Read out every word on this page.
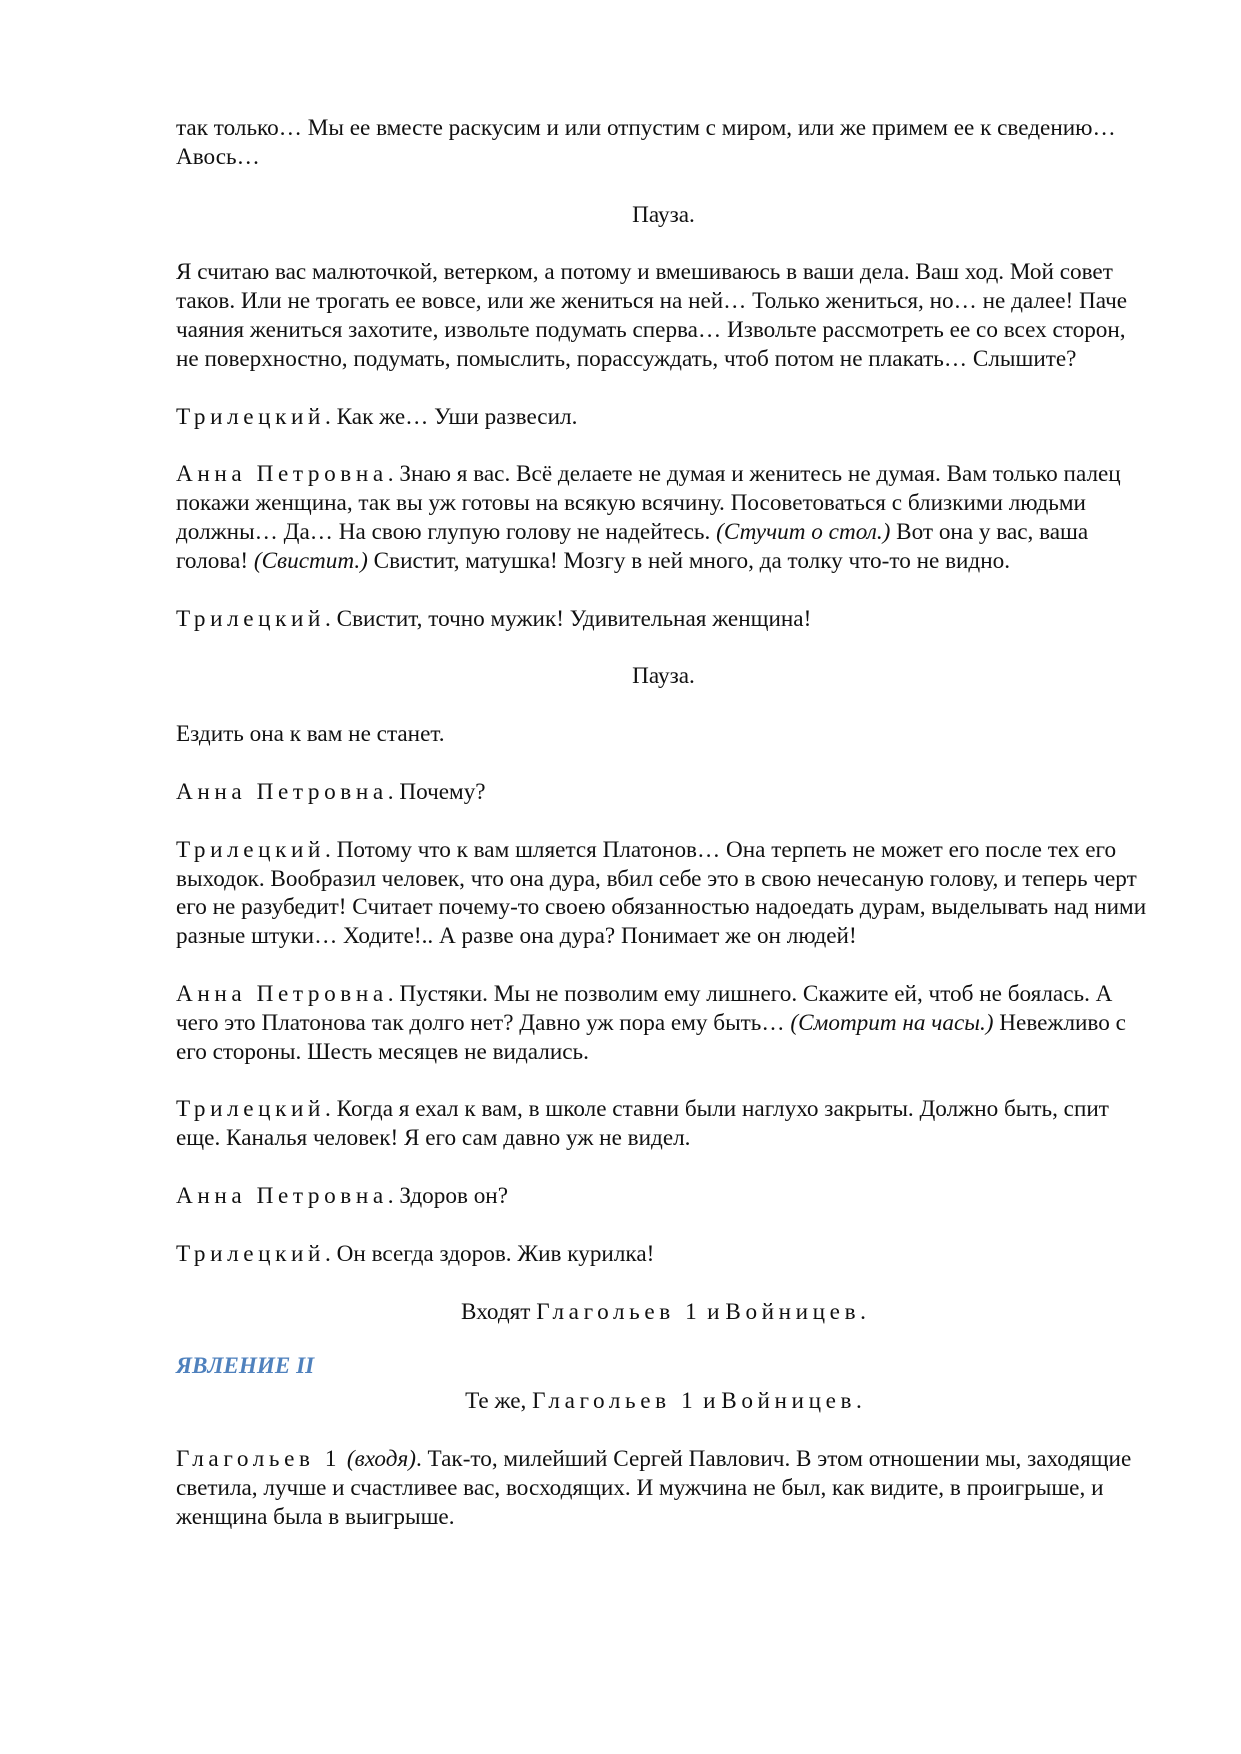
так только… Мы ее вместе раскусим и или отпустим с миром, или же примем ее к сведению… Авось…

Пауза.

Я считаю вас малюточкой, ветерком, а потому и вмешиваюсь в ваши дела. Ваш ход. Мой совет таков. Или не трогать ее вовсе, или же жениться на ней… Только жениться, но… не далее! Паче чаяния жениться захотите, извольте подумать сперва… Извольте рассмотреть ее со всех сторон, не поверхностно, подумать, помыслить, порассуждать, чтоб потом не плакать… Слышите?

Трилецкий. Как же… Уши развесил.

Анна Петровна. Знаю я вас. Всё делаете не думая и женитесь не думая. Вам только палец покажи женщина, так вы уж готовы на всякую всячину. Посоветоваться с близкими людьми должны… Да… На свою глупую голову не надейтесь. (Стучит о стол.) Вот она у вас, ваша голова! (Свистит.) Свистит, матушка! Мозгу в ней много, да толку что-то не видно.

Трилецкий. Свистит, точно мужик! Удивительная женщина!

Пауза.

Ездить она к вам не станет.

Анна Петровна. Почему?

Трилецкий. Потому что к вам шляется Платонов… Она терпеть не может его после тех его выходок. Вообразил человек, что она дура, вбил себе это в свою нечесаную голову, и теперь черт его не разубедит! Считает почему-то своею обязанностью надоедать дурам, выделывать над ними разные штуки… Ходите!.. А разве она дура? Понимает же он людей!

Анна Петровна. Пустяки. Мы не позволим ему лишнего. Скажите ей, чтоб не боялась. А чего это Платонова так долго нет? Давно уж пора ему быть… (Смотрит на часы.) Невежливо с его стороны. Шесть месяцев не видались.

Трилецкий. Когда я ехал к вам, в школе ставни были наглухо закрыты. Должно быть, спит еще. Каналья человек! Я его сам давно уж не видел.

Анна Петровна. Здоров он?

Трилецкий. Он всегда здоров. Жив курилка!

Входят Глагольев 1 и Войницев.

ЯВЛЕНИЕ II

Те же, Глагольев 1 и Войницев.

Глагольев 1 (входя). Так-то, милейший Сергей Павлович. В этом отношении мы, заходящие светила, лучше и счастливее вас, восходящих. И мужчина не был, как видите, в проигрыше, и женщина была в выигрыше.
